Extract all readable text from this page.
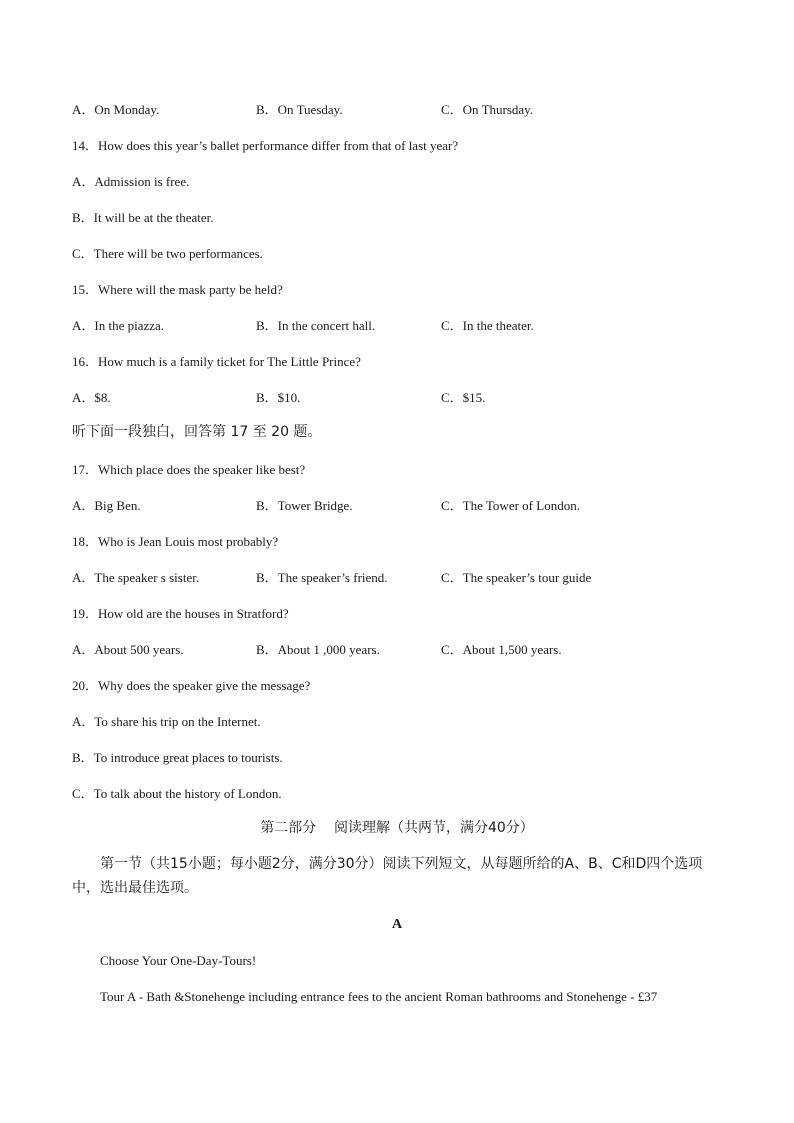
A．On Monday.	B．On Tuesday.	C．On Thursday.
14．How does this year’s ballet performance differ from that of last year?
A．Admission is free.
B．It will be at the theater.
C．There will be two performances.
15．Where will the mask party be held?
A．In the piazza.	B．In the concert hall.	C．In the theater.
16．How much is a family ticket for The Little Prince?
A．$8.	B．$10.	C．$15.
听下面一段独白，回答第 17 至 20 题。
17．Which place does the speaker like best?
A．Big Ben.	B．Tower Bridge.	C．The Tower of London.
18．Who is Jean Louis most probably?
A．The speaker s sister.	B．The speaker’s friend.	C．The speaker’s tour guide
19．How old are the houses in Stratford?
A．About 500 years.	B．About 1 ,000 years.	C．About 1,500 years.
20．Why does the speaker give the message?
A．To share his trip on the Internet.
B．To introduce great places to tourists.
C．To talk about the history of London.
第二部分    阅读理解（共两节，满分40分）
第一节（共15小题；每小题2分，满分30分）阅读下列短文，从每题所给的A、B、C和D四个选项中，选出最佳选项。
A
Choose Your One-Day-Tours!
Tour A - Bath &Stonehenge including entrance fees to the ancient Roman bathrooms and Stonehenge - £37
